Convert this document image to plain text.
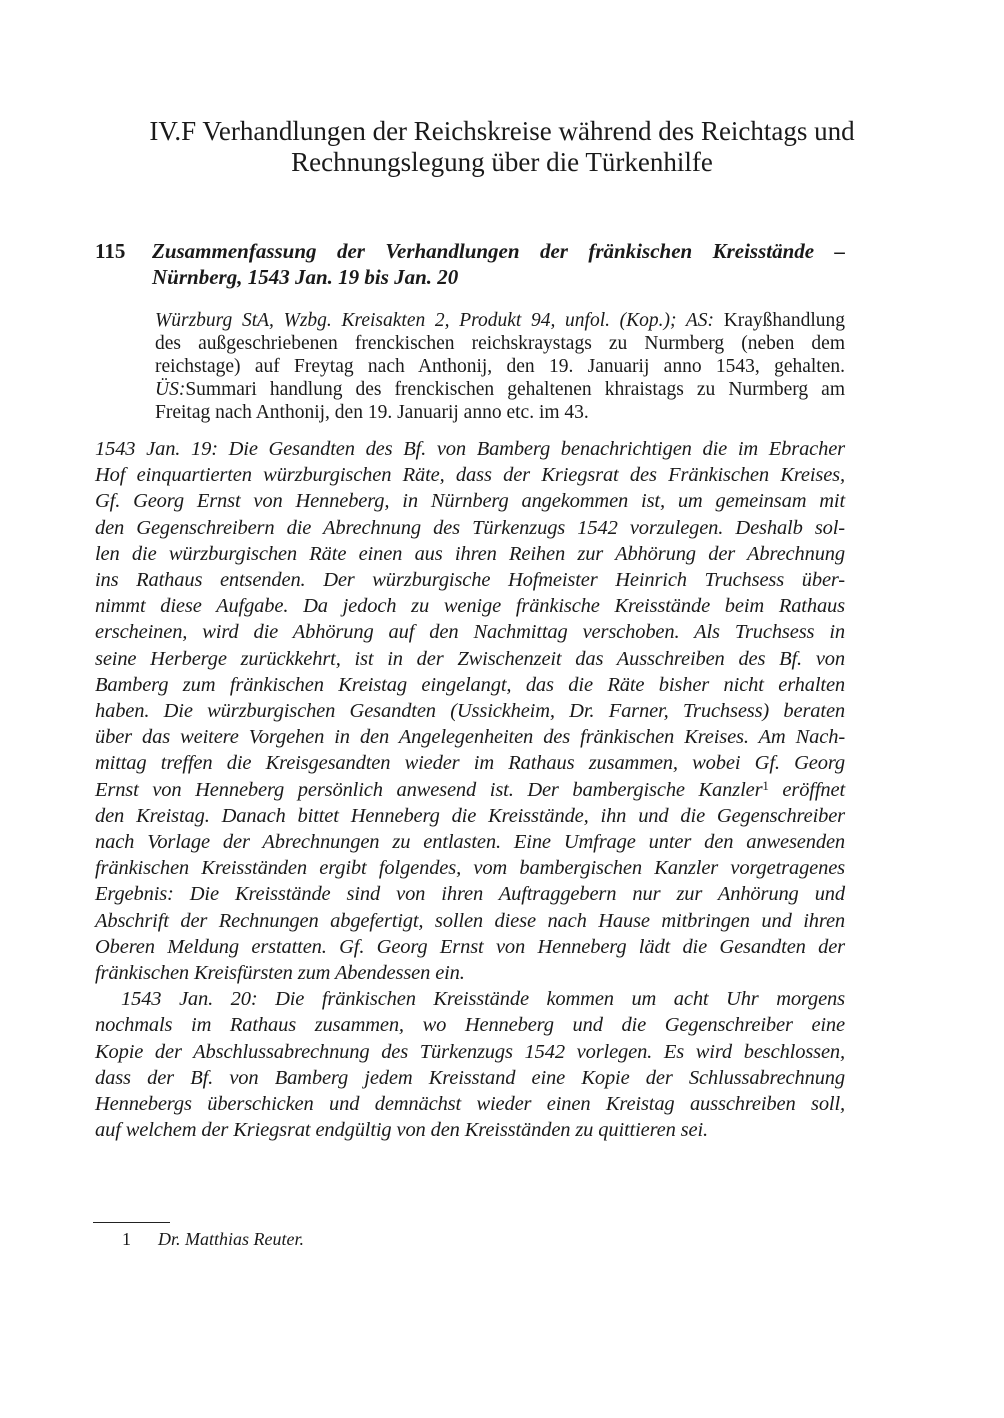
IV.F Verhandlungen der Reichskreise während des Reichtags und
Rechnungslegung über die Türkenhilfe
115 Zusammenfassung der Verhandlungen der fränkischen Kreisstände –
Nürnberg, 1543 Jan. 19 bis Jan. 20
Würzburg StA, Wzbg. Kreisakten 2, Produkt 94, unfol. (Kop.); AS: Krayßhandlung
des außgeschriebenen frenckischen reichskraystags zu Nurmberg (neben dem
reichstage) auf Freytag nach Anthonij, den 19. Januarij anno 1543, gehalten.
ÜS:Summari handlung des frenckischen gehaltenen khraistags zu Nurmberg am
Freitag nach Anthonij, den 19. Januarij anno etc. im 43.
1543 Jan. 19: Die Gesandten des Bf. von Bamberg benachrichtigen die im Ebracher
Hof einquartierten würzburgischen Räte, dass der Kriegsrat des Fränkischen Kreises,
Gf. Georg Ernst von Henneberg, in Nürnberg angekommen ist, um gemeinsam mit
den Gegenschreibern die Abrechnung des Türkenzugs 1542 vorzulegen. Deshalb sol-
len die würzburgischen Räte einen aus ihren Reihen zur Abhörung der Abrechnung
ins Rathaus entsenden. Der würzburgische Hofmeister Heinrich Truchsess über-
nimmt diese Aufgabe. Da jedoch zu wenige fränkische Kreisstände beim Rathaus
erscheinen, wird die Abhörung auf den Nachmittag verschoben. Als Truchsess in
seine Herberge zurückkehrt, ist in der Zwischenzeit das Ausschreiben des Bf. von
Bamberg zum fränkischen Kreistag eingelangt, das die Räte bisher nicht erhalten
haben. Die würzburgischen Gesandten (Ussickheim, Dr. Farner, Truchsess) beraten
über das weitere Vorgehen in den Angelegenheiten des fränkischen Kreises. Am Nach-
mittag treffen die Kreisgesandten wieder im Rathaus zusammen, wobei Gf. Georg
Ernst von Henneberg persönlich anwesend ist. Der bambergische Kanzler$^1$ eröffnet
den Kreistag. Danach bittet Henneberg die Kreisstände, ihn und die Gegenschreiber
nach Vorlage der Abrechnungen zu entlasten. Eine Umfrage unter den anwesenden
fränkischen Kreisständen ergibt folgendes, vom bambergischen Kanzler vorgetragenes
Ergebnis: Die Kreisstände sind von ihren Auftraggebern nur zur Anhörung und
Abschrift der Rechnungen abgefertigt, sollen diese nach Hause mitbringen und ihren
Oberen Meldung erstatten. Gf. Georg Ernst von Henneberg lädt die Gesandten der
fränkischen Kreisfürsten zum Abendessen ein.
1543 Jan. 20: Die fränkischen Kreisstände kommen um acht Uhr morgens
nochmals im Rathaus zusammen, wo Henneberg und die Gegenschreiber eine
Kopie der Abschlussabrechnung des Türkenzugs 1542 vorlegen. Es wird beschlossen,
dass der Bf. von Bamberg jedem Kreisstand eine Kopie der Schlussabrechnung
Hennebergs überschicken und demnächst wieder einen Kreistag ausschreiben soll,
auf welchem der Kriegsrat endgültig von den Kreisständen zu quittieren sei.
1 Dr. Matthias Reuter.
